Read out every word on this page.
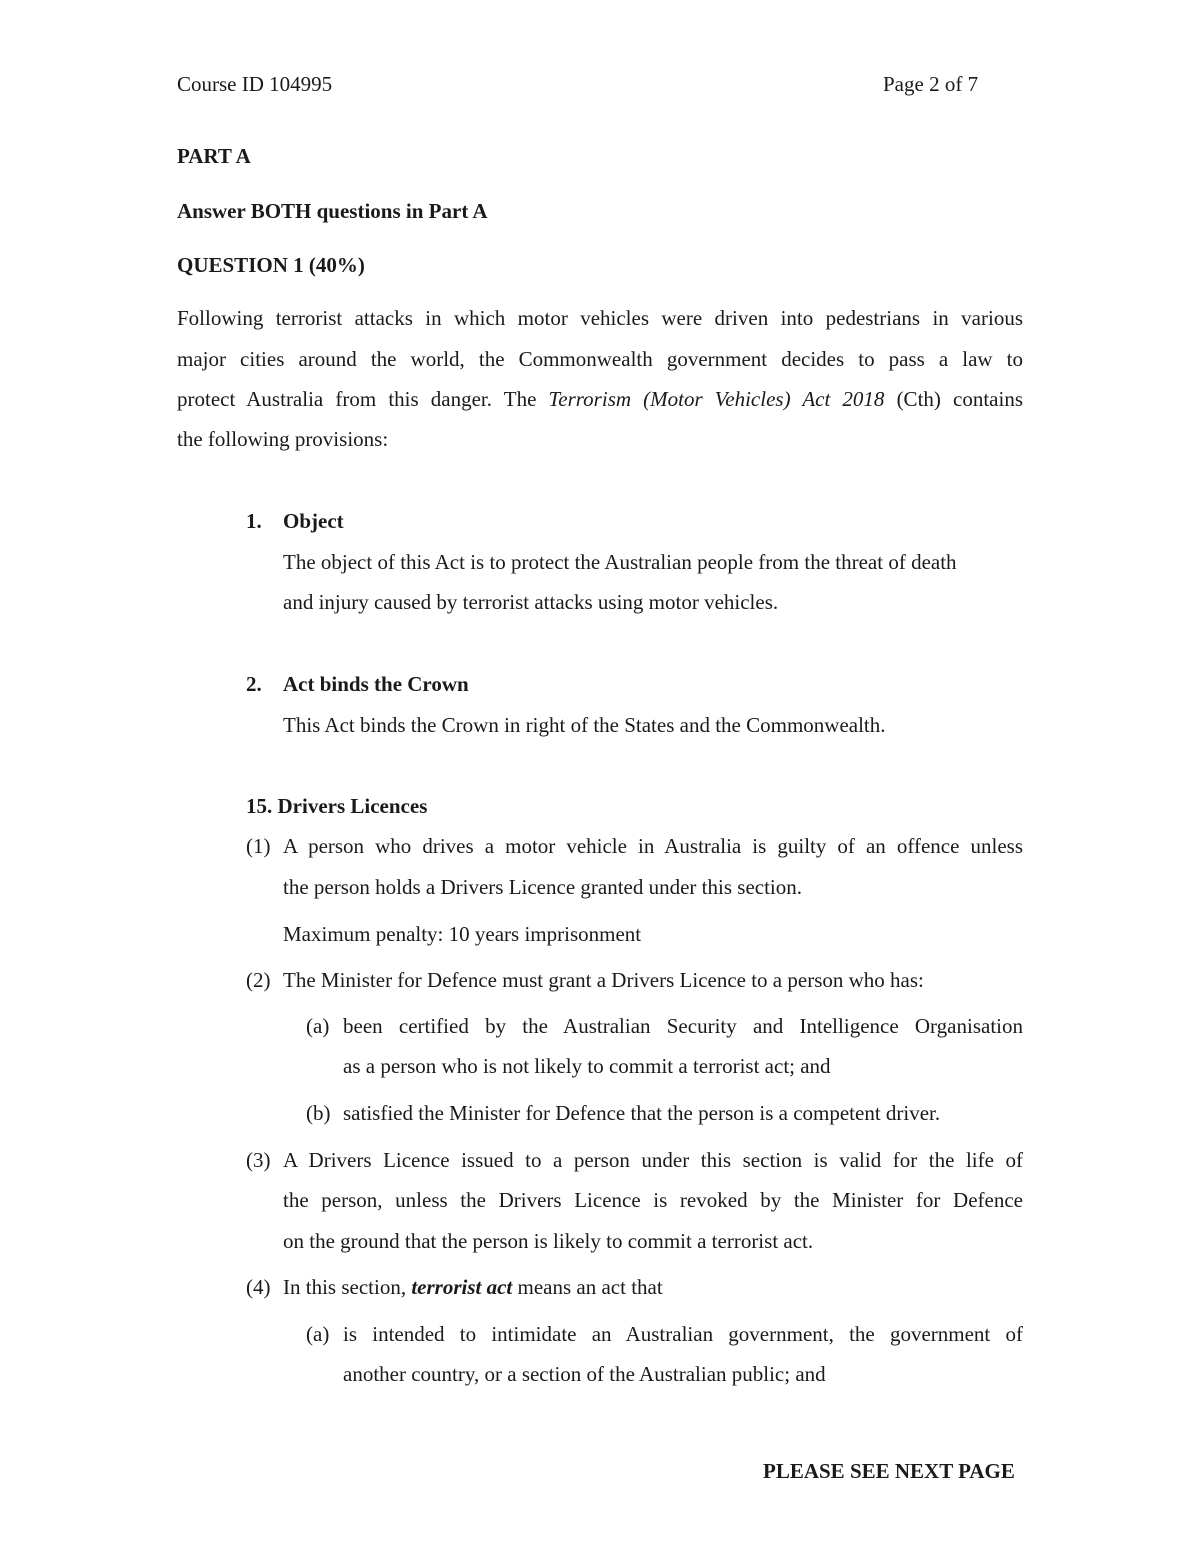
Course ID 104995	Page 2 of 7
PART A
Answer BOTH questions in Part A
QUESTION 1 (40%)
Following terrorist attacks in which motor vehicles were driven into pedestrians in various
major cities around the world, the Commonwealth government decides to pass a law to
protect Australia from this danger. The Terrorism (Motor Vehicles) Act 2018 (Cth) contains
the following provisions:
1. Object
The object of this Act is to protect the Australian people from the threat of death
and injury caused by terrorist attacks using motor vehicles.
2. Act binds the Crown
This Act binds the Crown in right of the States and the Commonwealth.
15. Drivers Licences
(1) A person who drives a motor vehicle in Australia is guilty of an offence unless
the person holds a Drivers Licence granted under this section.
Maximum penalty: 10 years imprisonment
(2) The Minister for Defence must grant a Drivers Licence to a person who has:
(a) been certified by the Australian Security and Intelligence Organisation
as a person who is not likely to commit a terrorist act; and
(b) satisfied the Minister for Defence that the person is a competent driver.
(3) A Drivers Licence issued to a person under this section is valid for the life of
the person, unless the Drivers Licence is revoked by the Minister for Defence
on the ground that the person is likely to commit a terrorist act.
(4) In this section, terrorist act means an act that
(a) is intended to intimidate an Australian government, the government of
another country, or a section of the Australian public; and
PLEASE SEE NEXT PAGE
